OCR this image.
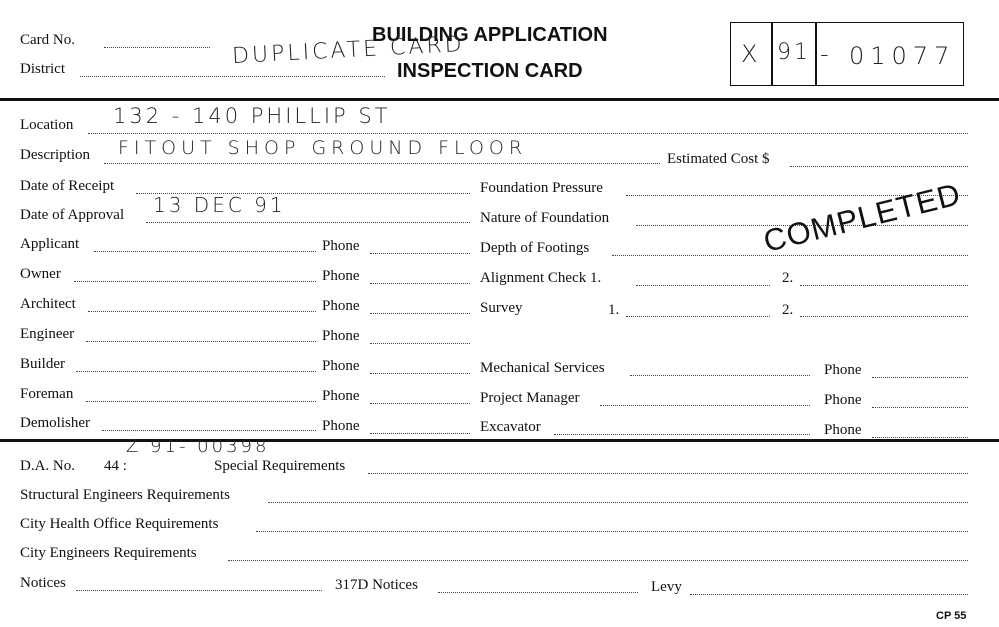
Card No.
District
BUILDING APPLICATION
INSPECTION CARD
DUPLICATE CARD	X 91 - 01077
Location 132 - 140 PHILLIP ST
Description FITOUT SHOP GROUND FLOOR	Estimated Cost $
Date of Receipt	Foundation Pressure
Date of Approval 13 DEC 91
Nature of Foundation
Applicant	Phone
Owner	Phone
Architect	Phone
Engineer	Phone
Builder	Phone
Foreman	Phone
Demolisher	Phone
Depth of Footings
Alignment Check 1.	2.
Survey	1.	2.
Mechanical Services	Phone
Project Manager	Phone
Excavator	Phone
COMPLETED
Z 91- 00398
D.A. No. 44 :	Special Requirements
Structural Engineers Requirements
City Health Office Requirements
City Engineers Requirements
Notices	317D Notices	Levy
CP 55
